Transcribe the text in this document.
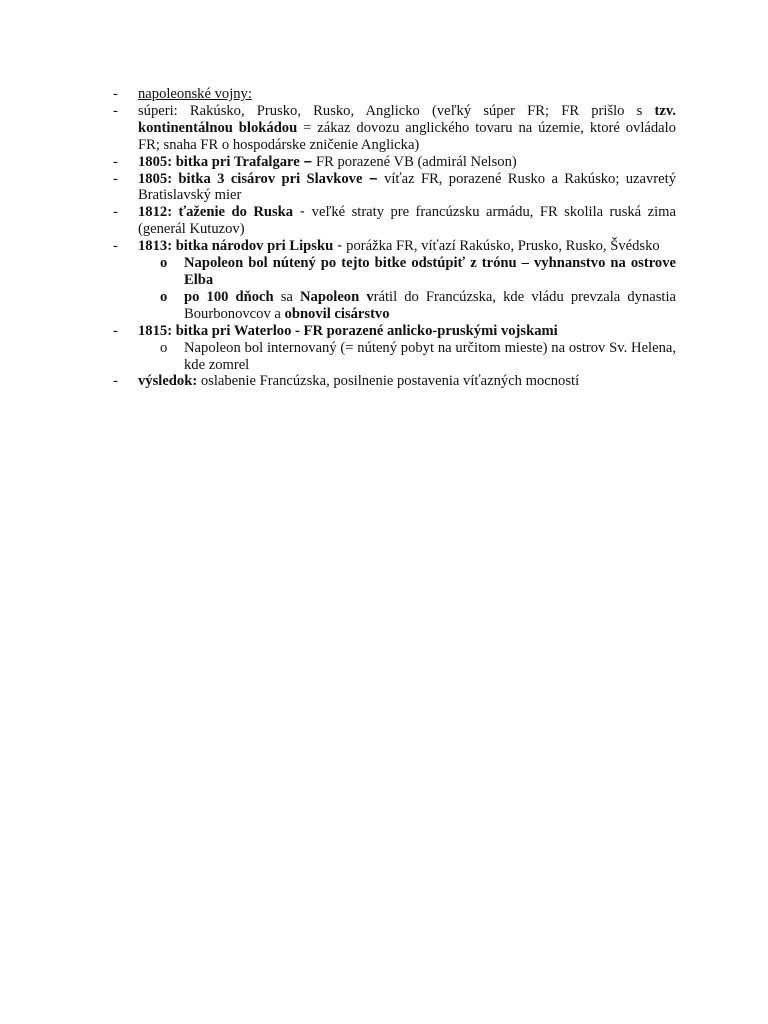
- napoleonské vojny:
- súperi: Rakúsko, Prusko, Rusko, Anglicko (veľký súper FR; FR prišlo s tzv. kontinentálnou blokádou = zákaz dovozu anglického tovaru na územie, ktoré ovládalo FR; snaha FR o hospodárske zničenie Anglicka)
- 1805: bitka pri Trafalgare – FR porazené VB (admirál Nelson)
- 1805: bitka 3 cisárov pri Slavkove – víťaz FR, porazené Rusko a Rakúsko; uzavretý Bratislavský mier
- 1812: ťaženie do Ruska - veľké straty pre francúzsku armádu, FR skolila ruská zima (generál Kutuzov)
- 1813: bitka národov pri Lipsku - porážka FR, víťazí Rakúsko, Prusko, Rusko, Švédsko
o Napoleon bol nútený po tejto bitke odstúpiť z trónu – vyhnanstvo na ostrove Elba
o po 100 dňoch sa Napoleon vrátil do Francúzska, kde vládu prevzala dynastia Bourbonovcov a obnovil cisárstvo
- 1815: bitka pri Waterloo - FR porazené anlicko-pruskými vojskami
o Napoleon bol internovaný (= nútený pobyt na určitom mieste) na ostrov Sv. Helena, kde zomrel
- výsledok: oslabenie Francúzska, posilnenie postavenia víťazných mocností
